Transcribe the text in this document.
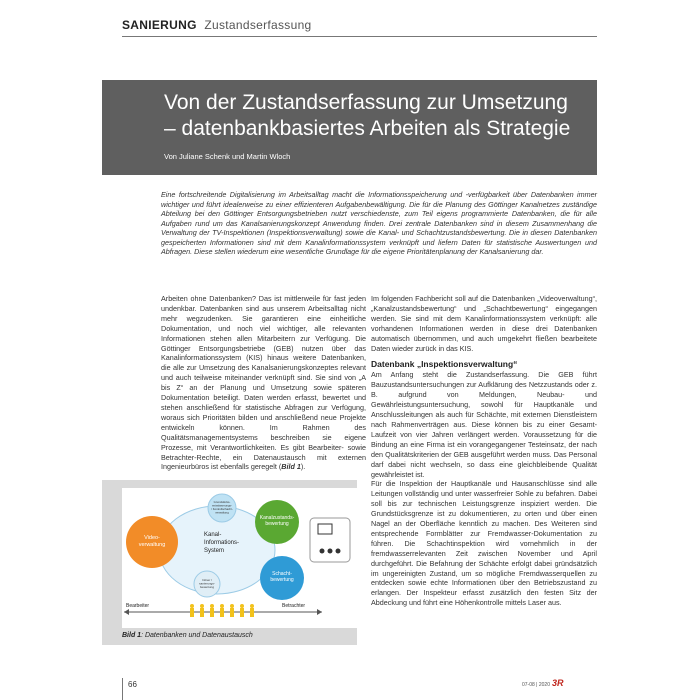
SANIERUNG Zustandserfassung
Von der Zustandserfassung zur Umsetzung
– datenbankbasiertes Arbeiten als Strategie
Von Juliane Schenk und Martin Wloch
Eine fortschreitende Digitalisierung im Arbeitsalltag macht die Informationsspeicherung und -verfügbarkeit über Datenbanken immer wichtiger und führt idealerweise zu einer effizienteren Aufgabenbewältigung. Die für die Planung des Göttinger Kanalnetzes zuständige Abteilung bei den Göttinger Entsorgungsbetrieben nutzt verschiedenste, zum Teil eigens programmierte Datenbanken, die für alle Aufgaben rund um das Kanalsanierungskonzept Anwendung finden. Drei zentrale Datenbanken sind in diesem Zusammenhang die Verwaltung der TV-Inspektionen (Inspektionsverwaltung) sowie die Kanal- und Schachtzustandsbewertung. Die in diesen Datenbanken gespeicherten Informationen sind mit dem Kanalinformationssystem verknüpft und liefern Daten für statistische Auswertungen und Abfragen. Diese stellen wiederum eine wesentliche Grundlage für die eigene Prioritätenplanung der Kanalsanierung dar.

Arbeiten ohne Datenbanken? Das ist mittlerweile für fast jeden undenkbar. Datenbanken sind aus unserem Arbeitsalltag nicht mehr wegzudenken. Sie garantieren eine einheitliche Dokumentation, und noch viel wichtiger, alle relevanten Informationen stehen allen Mitarbeitern zur Verfügung. Die Göttinger Entsorgungsbetriebe (GEB) nutzen über das Kanalinformationssystem (KIS) hinaus weitere Datenbanken, die alle zur Umsetzung des Kanalsanierungskonzeptes relevant und auch teilweise miteinander verknüpft sind. Sie sind von „A bis Z“ an der Planung und Umsetzung sowie späteren Dokumentation beteiligt. Daten werden erfasst, bewertet und stehen anschließend für statistische Abfragen zur Verfügung, woraus sich Prioritäten bilden und anschließend neue Projekte entwickeln können. Im Rahmen des Qualitätsmanagementsystems beschreiben sie eigene Prozesse, mit Verantwortlichkeiten. Es gibt Bearbeiter- sowie Betrachter-Rechte, ein Datenaustausch mit externen Ingenieurbüros ist ebenfalls geregelt (Bild 1).

Im folgenden Fachbericht soll auf die Datenbanken „Videoverwaltung“, „Kanalzustandsbewertung“ und „Schachtbewertung“ eingegangen werden. Sie sind mit dem Kanalinformationssystem verknüpft: alle vorhandenen Informationen werden in diese drei Datenbanken automatisch übernommen, und auch umgekehrt fließen bearbeitete Daten wieder zurück in das KIS.

Datenbank „Inspektionsverwaltung“

Am Anfang steht die Zustandserfassung. Die GEB führt Bauzustandsuntersuchungen zur Aufklärung des Netzzustands oder z. B. aufgrund von Meldungen, Neubau- und Gewährleistungsuntersuchung, sowohl für Hauptkanäle und Anschlussleitungen als auch für Schächte, mit externen Dienstleistern nach Rahmenverträgen aus. Diese können bis zu einer Gesamt-Laufzeit von vier Jahren verlängert werden. Voraussetzung für die Bindung an eine Firma ist ein vorangegangener Testeinsatz, der nach den Qualitätskriterien der GEB ausgeführt werden muss. Das Personal darf dabei nicht wechseln, so dass eine gleichbleibende Qualität gewährleistet ist.

Für die Inspektion der Hauptkanäle und Hausanschlüsse sind alle Leitungen vollständig und unter wasserfreier Sohle zu befahren. Dabei soll bis zur technischen Leistungsgrenze inspiziert werden. Die Grundstücksgrenze ist zu dokumentieren, zu orten und über einen Nagel an der Oberfläche kenntlich zu machen. Des Weiteren sind entsprechende Formblätter zur Fremdwasser-Dokumentation zu führen. Die Schachtinspektion wird vornehmlich in der fremdwasserrelevanten Zeit zwischen November und April durchgeführt. Die Befahrung der Schächte erfolgt dabei gründsätzlich im ungereinigten Zustand, um so mögliche Fremdwasserquellen zu entdecken sowie echte Informationen über den Betriebszustand zu erlangen. Der Inspekteur erfasst zusätzlich den festen Sitz der Abdeckung und führt eine Höhenkontrolle mittels Laser aus.

Video-verwaltung
Kanalzustands-bewertung
Schacht-bewertung
Grundstücks-entwässerungs-/ Kontrollschacht-verwaltung
Inliner / sanierungs-bewertung
Kanal-Informations-System
Bearbeiter	Betrachter
Bild 1: Datenbanken und Datenaustausch
66	07-08 | 2020 3R
